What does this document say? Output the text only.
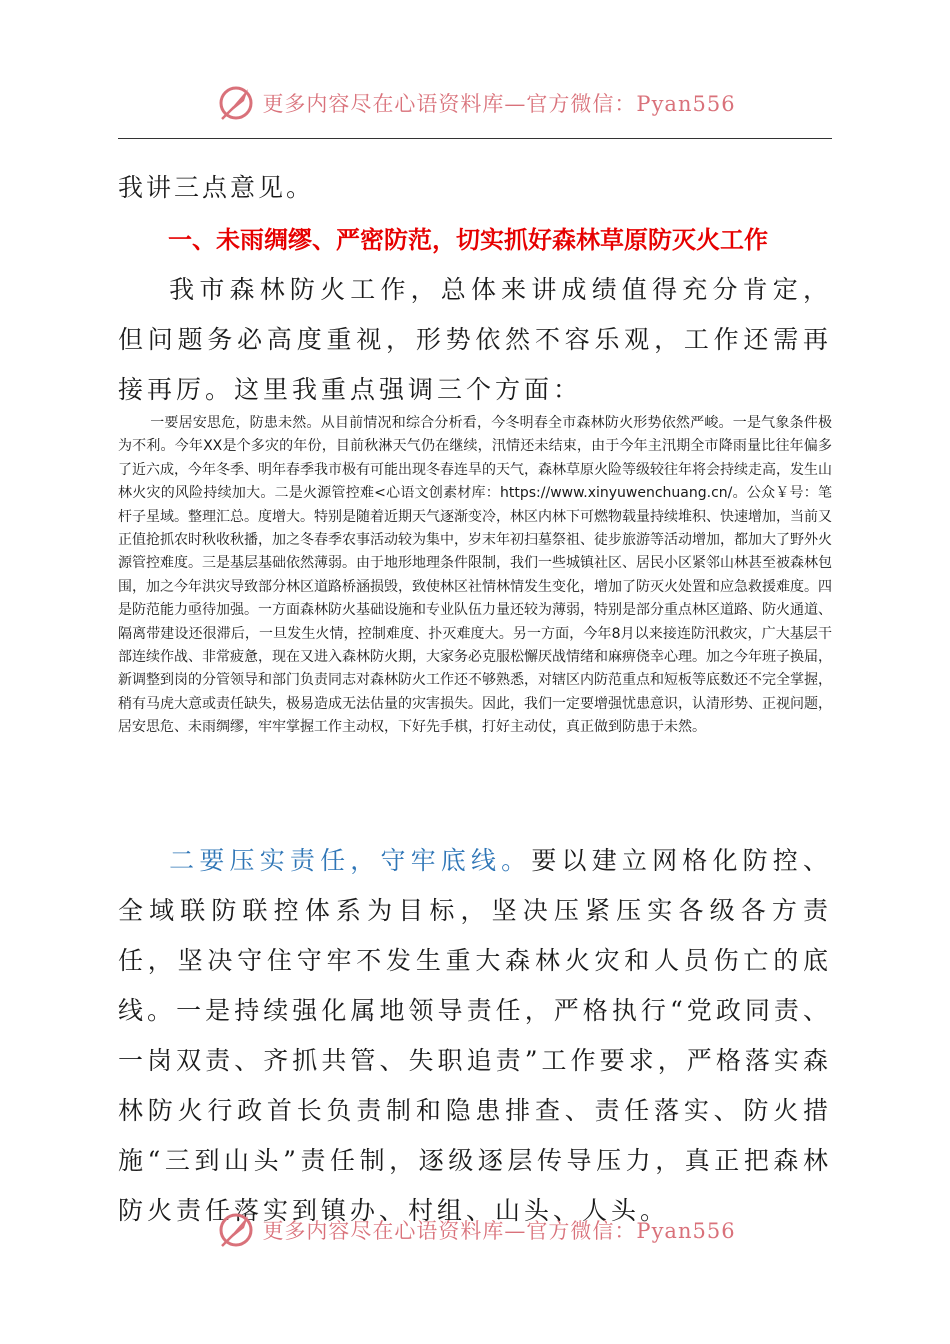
更多内容尽在心语资料库—官方微信：Pyan556
我讲三点意见。
一、未雨绸缪、严密防范，切实抓好森林草原防灭火工作
我市森林防火工作，总体来讲成绩值得充分肯定，但问题务必高度重视，形势依然不容乐观，工作还需再接再厉。这里我重点强调三个方面：
一要居安思危，防患未然。从目前情况和综合分析看，今冬明春全市森林防火形势依然严峻。一是气象条件极为不利。今年XX是个多灾的年份，目前秋淋天气仍在继续，汛情还未结束，由于今年主汛期全市降雨量比往年偏多了近六成，今年冬季、明年春季我市极有可能出现冬春连旱的天气，森林草原火险等级较往年将会持续走高，发生山林火灾的风险持续加大。二是火源管控难<心语文创素材库：https://www.xinyuwenchuang.cn/。公众￥号：笔杆子星域。整理汇总。度增大。特别是随着近期天气逐渐变冷，林区内林下可燃物载量持续堆积、快速增加，当前又正值抢抓农时秋收秋播，加之冬春季农事活动较为集中，岁末年初扫墓祭祖、徒步旅游等活动增加，都加大了野外火源管控难度。三是基层基础依然薄弱。由于地形地理条件限制，我们一些城镇社区、居民小区紧邻山林甚至被森林包围，加之今年洪灾导致部分林区道路桥涵损毁，致使林区社情林情发生变化，增加了防灭火处置和应急救援难度。四是防范能力亟待加强。一方面森林防火基础设施和专业队伍力量还较为薄弱，特别是部分重点林区道路、防火通道、隔离带建设还很滞后，一旦发生火情，控制难度、扑灭难度大。另一方面，今年8月以来接连防汛救灾，广大基层干部连续作战、非常疲惫，现在又进入森林防火期，大家务必克服松懈厌战情绪和麻痹侥幸心理。加之今年班子换届，新调整到岗的分管领导和部门负责同志对森林防火工作还不够熟悉，对辖区内防范重点和短板等底数还不完全掌握，稍有马虎大意或责任缺失，极易造成无法估量的灾害损失。因此，我们一定要增强忧患意识，认清形势、正视问题，居安思危、未雨绸缪，牢牢掌握工作主动权，下好先手棋，打好主动仗，真正做到防患于未然。
二要压实责任，守牢底线。要以建立网格化防控、全域联防联控体系为目标，坚决压紧压实各级各方责任，坚决守住守牢不发生重大森林火灾和人员伤亡的底线。一是持续强化属地领导责任，严格执行“党政同责、一岗双责、齐抓共管、失职追责”工作要求，严格落实森林防火行政首长负责制和隐患排查、责任落实、防火措施“三到山头”责任制，逐级逐层传导压力，真正把森林防火责任落实到镇办、村组、山头、人头。
更多内容尽在心语资料库—官方微信：Pyan556
